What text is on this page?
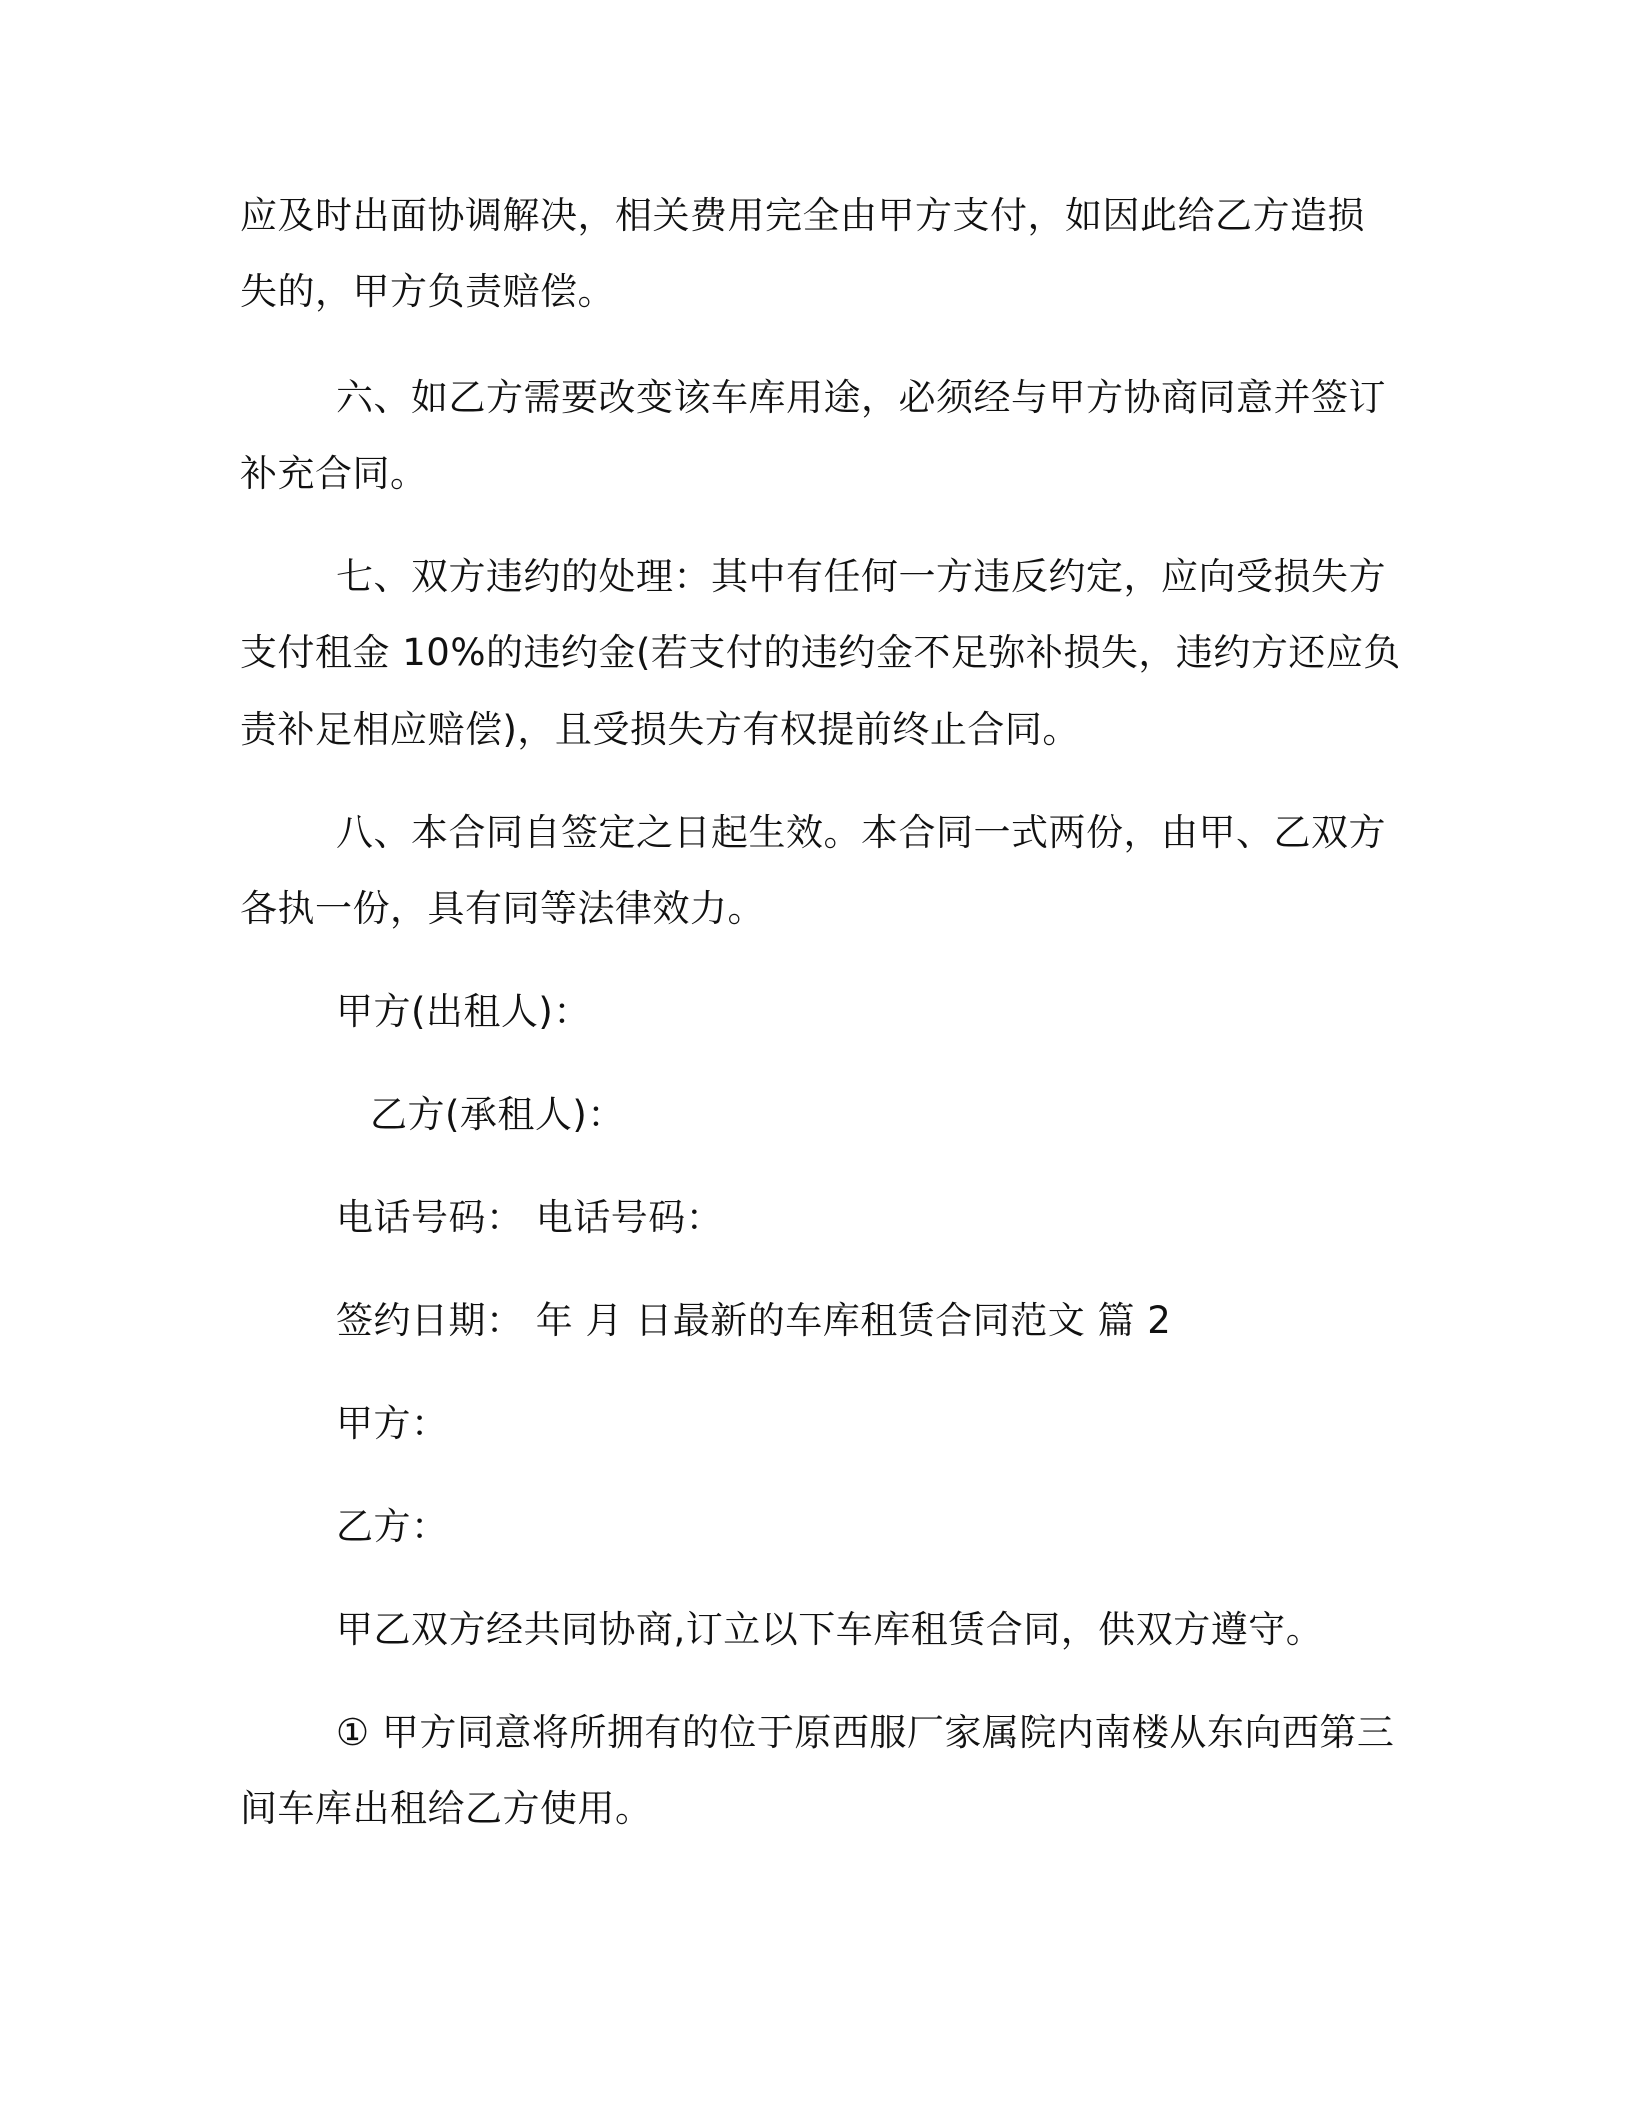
应及时出面协调解决，相关费用完全由甲方支付，如因此给乙方造损
失的，甲方负责赔偿。
六、如乙方需要改变该车库用途，必须经与甲方协商同意并签订
补充合同。
七、双方违约的处理：其中有任何一方违反约定，应向受损失方
支付租金 10%的违约金(若支付的违约金不足弥补损失，违约方还应负
责补足相应赔偿)，且受损失方有权提前终止合同。
八、本合同自签定之日起生效。本合同一式两份，由甲、乙双方
各执一份，具有同等法律效力。
甲方(出租人)：
乙方(承租人)：
电话号码： 电话号码：
签约日期： 年 月 日最新的车库租赁合同范文 篇 2
甲方：
乙方：
甲乙双方经共同协商,订立以下车库租赁合同，供双方遵守。
① 甲方同意将所拥有的位于原西服厂家属院内南楼从东向西第三
间车库出租给乙方使用。
